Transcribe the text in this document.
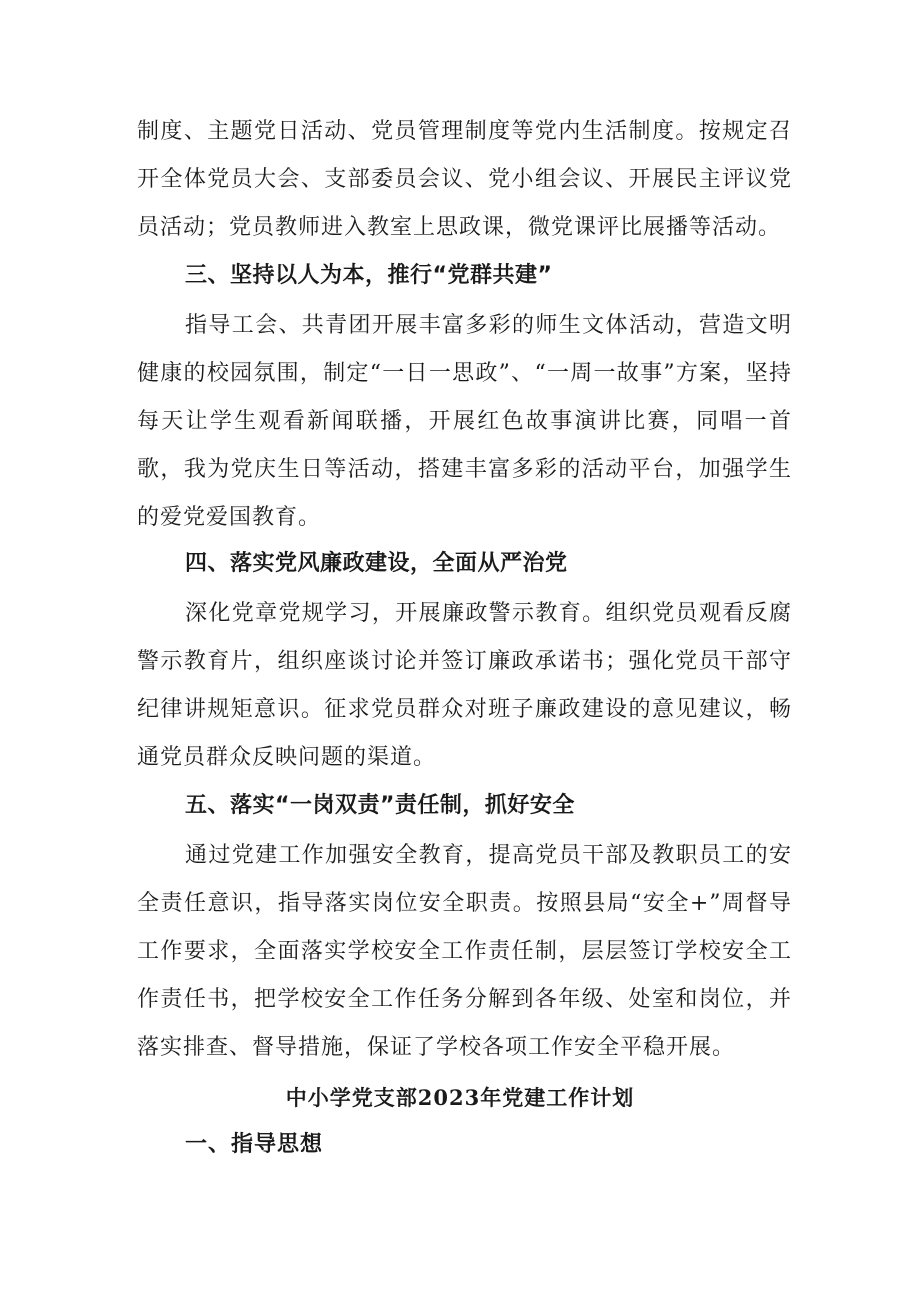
制度、主题党日活动、党员管理制度等党内生活制度。按规定召开全体党员大会、支部委员会议、党小组会议、开展民主评议党员活动；党员教师进入教室上思政课，微党课评比展播等活动。

三、坚持以人为本，推行“党群共建”

指导工会、共青团开展丰富多彩的师生文体活动，营造文明健康的校园氛围，制定“一日一思政”、“一周一故事”方案，坚持每天让学生观看新闻联播，开展红色故事演讲比赛，同唱一首歌，我为党庆生日等活动，搭建丰富多彩的活动平台，加强学生的爱党爱国教育。

四、落实党风廉政建设，全面从严治党

深化党章党规学习，开展廉政警示教育。组织党员观看反腐警示教育片，组织座谈讨论并签订廉政承诺书；强化党员干部守纪律讲规矩意识。征求党员群众对班子廉政建设的意见建议，畅通党员群众反映问题的渠道。

五、落实“一岗双责”责任制，抓好安全

通过党建工作加强安全教育，提高党员干部及教职员工的安全责任意识，指导落实岗位安全职责。按照县局“安全+”周督导工作要求，全面落实学校安全工作责任制，层层签订学校安全工作责任书，把学校安全工作任务分解到各年级、处室和岗位，并落实排查、督导措施，保证了学校各项工作安全平稳开展。

中小学党支部2023年党建工作计划
一、指导思想
